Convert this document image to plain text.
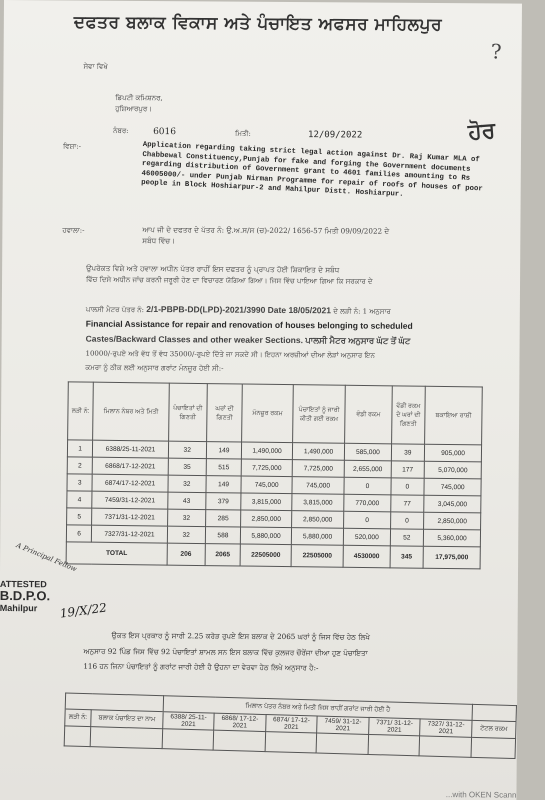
ਦਫਤਰ ਬਲਾਕ ਵਿਕਾਸ ਅਤੇ ਪੰਚਾਇਤ ਅਫਸਰ ਮਾਹਿਲਪੁਰ
?
ਹੋਰ
ਸੇਵਾ ਵਿਖੇ
ਡਿਪਟੀ ਕਮਿਸ਼ਨਰ,
ਹੁਸ਼ਿਆਰਪੁਰ।
ਨੰਬਰ:	6016	ਮਿਤੀ:	12/09/2022
ਵਿਸ਼ਾ:-	Application regarding taking strict legal action against Dr. Raj Kumar MLA of Chabbewal Constituency,Punjab for fake and forging the Government documents regarding distribution of Government grant to 4601 families amounting to Rs 46005000/- under Punjab Nirman Programme for repair of roofs of houses of poor people in Block Hoshiarpur-2 and Mahilpur Distt. Hoshiarpur.
ਹਵਾਲਾ:-	ਆਪ ਜੀ ਦੇ ਦਫਤਰ ਦੇ ਪੱਤਰ ਨੰ: ਉ.ਅ.ਸ/ਸ (ਚ)-2022/ 1656-57 ਮਿਤੀ 09/09/2022 ਦੇ
ਸਬੰਧ ਵਿੱਚ।
ਉਪਰੋਕਤ ਵਿਸ਼ੇ ਅਤੇ ਹਵਾਲਾ ਅਧੀਨ ਪੱਤਰ ਰਾਹੀਂ ਇਸ ਦਫਤਰ ਨੂੰ ਪ੍ਰਾਪਤ ਹੋਈ ਸ਼ਿਕਾਇਤ ਦੇ ਸਬੰਧ
ਵਿੱਚ ਦਿਸੇ ਅਧੀਨ ਜਾਂਚ ਕਰਨੀ ਜਰੂਰੀ ਹੋਣ ਦਾ ਵਿਚਾਰਣ ਯੋਗਿਆ ਗਿਆ। ਜਿਸ ਵਿੱਚ ਪਾਇਆ ਗਿਆ ਕਿ ਸਰਕਾਰ ਦੇ
ਪਾਲਸੀ ਮੈਟਰ ਪੱਤਰ ਨੰ: 2/1-PBPB-DD(LPD)-2021/3990 Date 18/05/2021 ਦੇ ਲੜੀ ਨੰ: 1 ਅਨੁਸਾਰ
Financial Assistance for repair and renovation of houses belonging to scheduled
Castes/Backward Classes and other weaker Sections. ਪਾਲਸੀ ਮੈਟਰ ਅਨੁਸਾਰ ਘੱਟ ਤੋਂ ਘੱਟ
10000/-ਰੁਪਏ ਅਤੇ ਵੱਧ ਤੋਂ ਵੱਧ 35000/-ਰੁਪਏ ਦਿੱਤੇ ਜਾ ਸਕਦੇ ਸੀ। ਇਹਨਾ ਅਰਜ਼ੀਆਂ ਦੀਆ ਲੋੜਾਂ ਅਨੁਸਾਰ ਇਨ
ਕਮਰਾ ਨੂੰ ਠੀਕ ਲਈ ਅਨੁਸਾਰ ਗਰਾਂਟ ਮੰਨਜ਼ੂਰ ਹੋਈ ਸੀ:-
ਲੜੀ ਨੰ:	ਮਿਲਾਨ ਨੰਬਰ ਅਤੇ ਮਿਤੀ	ਪੰਚਾਇਤਾਂ ਦੀ ਗਿਣਤੀ	ਘਰਾਂ ਦੀ ਗਿਣਤੀ	ਮੰਨਜ਼ੂਰ ਰਕਮ	ਪੰਚਾਇਤਾਂ ਨੂੰ ਜਾਰੀ ਕੀਤੀ ਗਈ ਰਕਮ	ਵੰਡੀ ਰਕਮ	ਵੰਡੀ ਰਕਮ ਦੇ ਘਰਾਂ ਦੀ ਗਿਣਤੀ	ਬਕਾਇਆ ਰਾਸ਼ੀ
1	6388/25-11-2021	32	149	1,490,000	1,490,000	585,000	39	905,000
2	6868/17-12-2021	35	515	7,725,000	7,725,000	2,655,000	177	5,070,000
3	6874/17-12-2021	32	149	745,000	745,000	0	0	745,000
4	7459/31-12-2021	43	379	3,815,000	3,815,000	770,000	77	3,045,000
5	7371/31-12-2021	32	285	2,850,000	2,850,000	0	0	2,850,000
6	7327/31-12-2021	32	588	5,880,000	5,880,000	520,000	52	5,360,000
TOTAL		206	2065	22505000	22505000	4530000	345	17,975,000
ATTESTED
B.D.P.O.
Mahilpur
A Principal Fellow
19/X/22
ਉਕਤ ਇਸ ਪ੍ਰਕਾਰ ਨੂੰ ਸਾਰੀ 2.25 ਕਰੋੜ ਰੁਪਏ ਇਸ ਬਲਾਕ ਦੇ 2065 ਘਰਾਂ ਨੂੰ ਜਿਸ ਵਿੱਚ ਹੇਠ ਲਿਖੇ
ਅਨੁਸਾਰ 92 ਪਿੰਡ ਜਿਸ ਵਿੱਚ 92 ਪੰਚਾਇਤਾਂ ਸ਼ਾਮਲ ਸਨ ਇਸ ਬਲਾਕ ਵਿੱਚ ਕੁਲਜਰ ਚੌਰੇਂਜਾ ਦੀਆ ਹੁਣ ਪੰਚਾਇਤਾ
116 ਹਨ ਜਿਨਾ ਪੰਚਾਇਤਾਂ ਨੂੰ ਗਰਾਂਟ ਜਾਰੀ ਹੋਈ ਹੈ ਉਹਨਾ ਦਾ ਵੇਰਵਾ ਹੇਠ ਲਿਖੇ ਅਨੁਸਾਰ ਹੈ:-
		ਮਿਲਾਨ ਪੱਤਰ ਨੰਬਰ ਅਤੇ ਮਿਤੀ ਜਿਸ ਰਾਹੀਂ ਗਰਾਂਟ ਜਾਰੀ ਹੋਈ ਹੈ						
ਲੜੀ ਨੰ:	ਬਲਾਕ ਪੰਚਾਇਤ ਦਾ ਨਾਮ	6388/ 25-11-2021	6868/ 17-12-2021	6874/ 17-12-2021	7459/ 31-12-2021	7371/ 31-12-2021	7327/ 31-12-2021	ਟੋਟਲ ਰਕਮ

...with OKEN Scann
